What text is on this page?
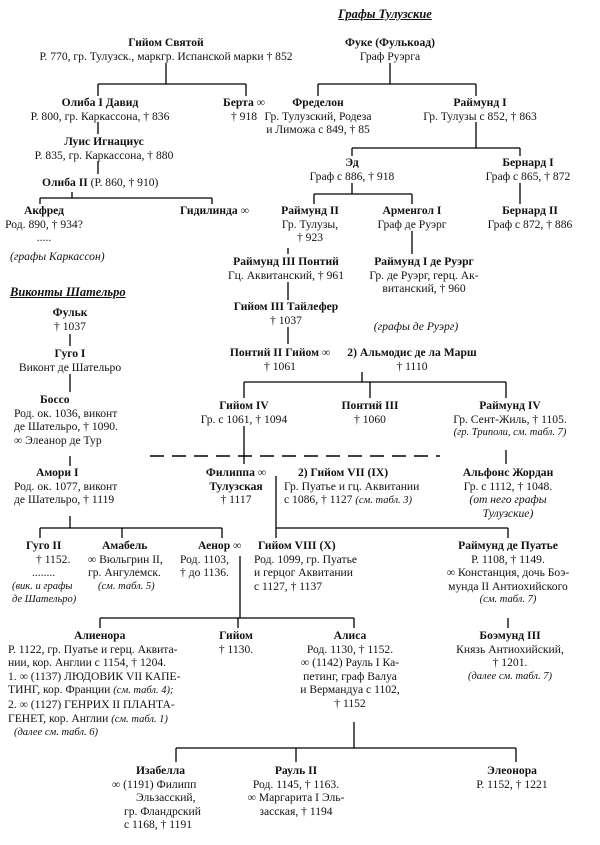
Графы Тулузские
Виконты Шательро
Гийом Святой
Р. 770, гр. Тулузск., маркгр. Испанской марки † 852
Фуке (Фулькоад)
Граф Руэрга
Олиба I Давид
Р. 800, гр. Каркассона, † 836
Берта ∞
† 918
Фределон
Гр. Тулузский, Родеза
и Лиможа с 849, † 85
Раймунд I
Гр. Тулузы с 852, † 863
Луис Игнациус
Р. 835, гр. Каркассона, † 880
Олиба II (Р. 860, † 910)
Эд
Граф с 886, † 918
Бернард I
Граф с 865, † 872
Акфред
Род. 890, † 934?
.....
(графы Каркассон)
Гидилинда ∞	Раймунд II
Гр. Тулузы,
† 923
Арменгол I
Граф де Руэрг
Бернард II
Граф с 872, † 886
Раймунд III Понтий
Гц. Аквитанский, † 961
Раймунд I де Руэрг
Гр. де Руэрг, герц. Ак-
витанский, † 960
(графы де Руэрг)
Фульк
† 1037
Гуго I
Виконт де Шательро
Боссо
Род. ок. 1036, виконт
де Шательро, † 1090.
∞ Элеанор де Тур
Гийом III Тайлефер
† 1037
Понтий II Гийом ∞
† 1061
2) Альмодис де ла Марш
† 1110
Гийом IV
Гр. с 1061, † 1094
Понтий III
† 1060
Раймунд IV
Гр. Сент-Жиль, † 1105.
(гр. Триполи, см. табл. 7)
Амори I
Род. ок. 1077, виконт
де Шательро, † 1119
Филиппа ∞
Тулузская
† 1117
2) Гийом VII (IX)
Гр. Пуатье и гц. Аквитании
с 1086, † 1127 (см. табл. 3)
Альфонс Жордан
Гр. с 1112, † 1048.
(от него графы
Тулузские)
Гуго II
† 1152.
........
(вик. и графы
де Шательро)
Амабель
∞ Вюльгрин II,
гр. Ангулемск.
(см. табл. 5)
Аенор ∞
Род. 1103,
† до 1136.
Гийом VIII (X)
Род. 1099, гр. Пуатье
и герцог Аквитании
с 1127, † 1137
Раймунд де Пуатье
Р. 1108, † 1149.
∞ Констанция, дочь Боэ-
мунда II Антиохийского
(см. табл. 7)
Алиенора
Р. 1122, гр. Пуатье и герц. Аквита-
нии, кор. Англии с 1154, † 1204.
1. ∞ (1137) ЛЮДОВИК VII КАПЕ-
ТИНГ, кор. Франции (см. табл. 4);
2. ∞ (1127) ГЕНРИХ II ПЛАНТА-
ГЕНЕТ, кор. Англии (см. табл. 1)
(далее см. табл. 6)
Гийом
† 1130.
Алиса
Род. 1130, † 1152.
∞ (1142) Рауль I Ка-
петинг, граф Валуа
и Вермандуа с 1102,
† 1152
Боэмунд III
Князь Антиохийский,
† 1201.
(далее см. табл. 7)
Изабелла
∞ (1191) Филипп
Эльзасский,
гр. Фландрский
с 1168, † 1191
Рауль II
Род. 1145, † 1163.
∞ Маргарита I Эль-
засская, † 1194
Элеонора
Р. 1152, † 1221
